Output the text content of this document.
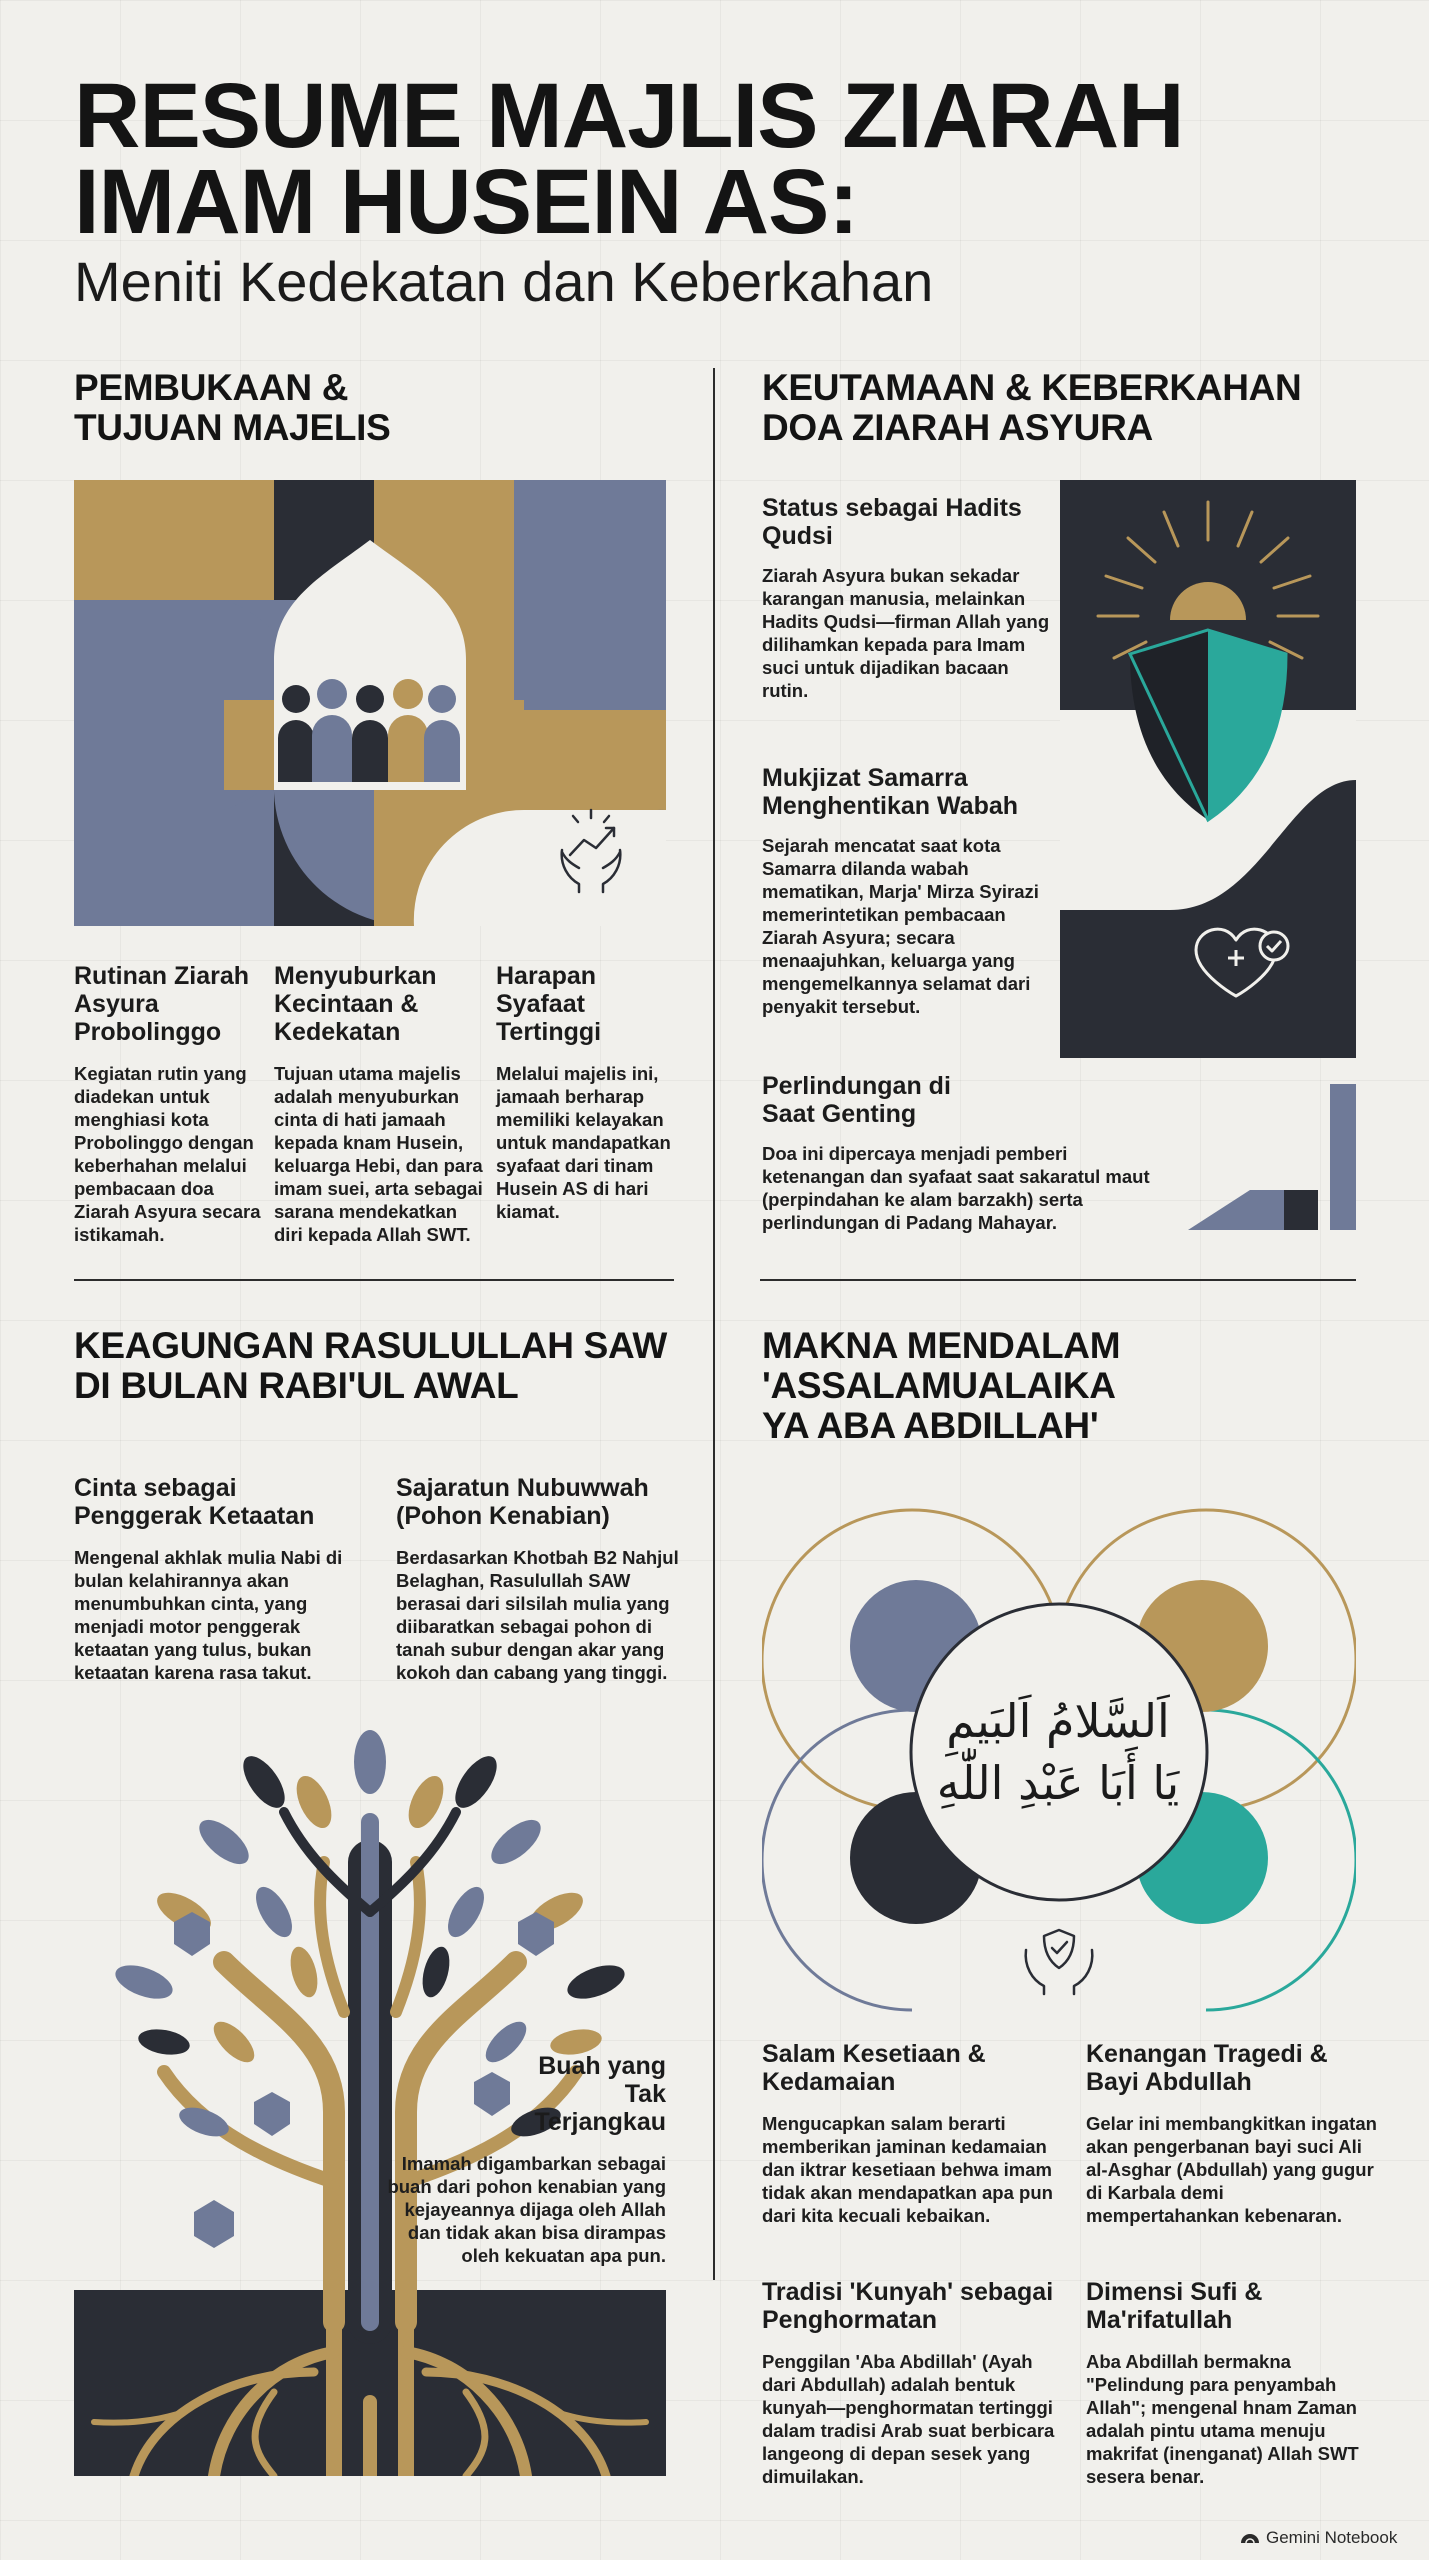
RESUME MAJLIS ZIARAH
IMAM HUSEIN AS:
Meniti Kedekatan dan Keberkahan
PEMBUKAAN &
TUJUAN MAJELIS
Rutinan Ziarah Asyura Probolinggo
Kegiatan rutin yang diadekan untuk menghiasi kota Probolinggo dengan keberhahan melalui pembacaan doa Ziarah Asyura secara istikamah.
Menyuburkan Kecintaan & Kedekatan
Tujuan utama majelis adalah menyuburkan cinta di hati jamaah kepada knam Husein, keluarga Hebi, dan para imam suei, arta sebagai sarana mendekatkan diri kepada Allah SWT.
Harapan Syafaat Tertinggi
Melalui majelis ini, jamaah berharap memiliki kelayakan untuk mandapatkan syafaat dari tinam Husein AS di hari kiamat.
KEUTAMAAN & KEBERKAHAN
DOA ZIARAH ASYURA
Status sebagai Hadits Qudsi
Ziarah Asyura bukan sekadar karangan manusia, melainkan Hadits Qudsi—firman Allah yang dilihamkan kepada para Imam suci untuk dijadikan bacaan rutin.
Mukjizat Samarra Menghentikan Wabah
Sejarah mencatat saat kota Samarra dilanda wabah mematikan, Marja' Mirza Syirazi memerintetikan pembacaan Ziarah Asyura; secara menaajuhkan, keluarga yang mengemelkannya selamat dari penyakit tersebut.
Perlindungan di Saat Genting
Doa ini dipercaya menjadi pemberi ketenangan dan syafaat saat sakaratul maut (perpindahan ke alam barzakh) serta perlindungan di Padang Mahayar.
KEAGUNGAN RASULULLAH SAW
DI BULAN RABI'UL AWAL
Cinta sebagai Penggerak Ketaatan
Mengenal akhlak mulia Nabi di bulan kelahirannya akan menumbuhkan cinta, yang menjadi motor penggerak ketaatan yang tulus, bukan ketaatan karena rasa takut.
Sajaratun Nubuwwah (Pohon Kenabian)
Berdasarkan Khotbah B2 Nahjul Belaghan, Rasulullah SAW berasai dari silsilah mulia yang diibaratkan sebagai pohon di tanah subur dengan akar yang kokoh dan cabang yang tinggi.
Buah yang Tak Terjangkau
Imamah digambarkan sebagai buah dari pohon kenabian yang kejayeannya dijaga oleh Allah dan tidak akan bisa dirampas oleh kekuatan apa pun.
MAKNA MENDALAM
'ASSALAMUALAIKA
YA ABA ABDILLAH'
اَلسَّلامُ اَلبَيمِ
يَا أَبَا عَبْدِ اللّٰهِ
Salam Kesetiaan & Kedamaian
Mengucapkan salam berarti memberikan jaminan kedamaian dan iktrar kesetiaan behwa imam tidak akan mendapatkan apa pun dari kita kecuali kebaikan.
Kenangan Tragedi & Bayi Abdullah
Gelar ini membangkitkan ingatan akan pengerbanan bayi suci Ali al-Asghar (Abdullah) yang gugur di Karbala demi mempertahankan kebenaran.
Tradisi 'Kunyah' sebagai Penghormatan
Penggilan 'Aba Abdillah' (Ayah dari Abdullah) adalah bentuk kunyah—penghormatan tertinggi dalam tradisi Arab suat berbicara langeong di depan sesek yang dimuilakan.
Dimensi Sufi & Ma'rifatullah
Aba Abdillah bermakna "Pelindung para penyambah Allah"; mengenal hnam Zaman adalah pintu utama menuju makrifat (inenganat) Allah SWT sesera benar.
Gemini Notebook
